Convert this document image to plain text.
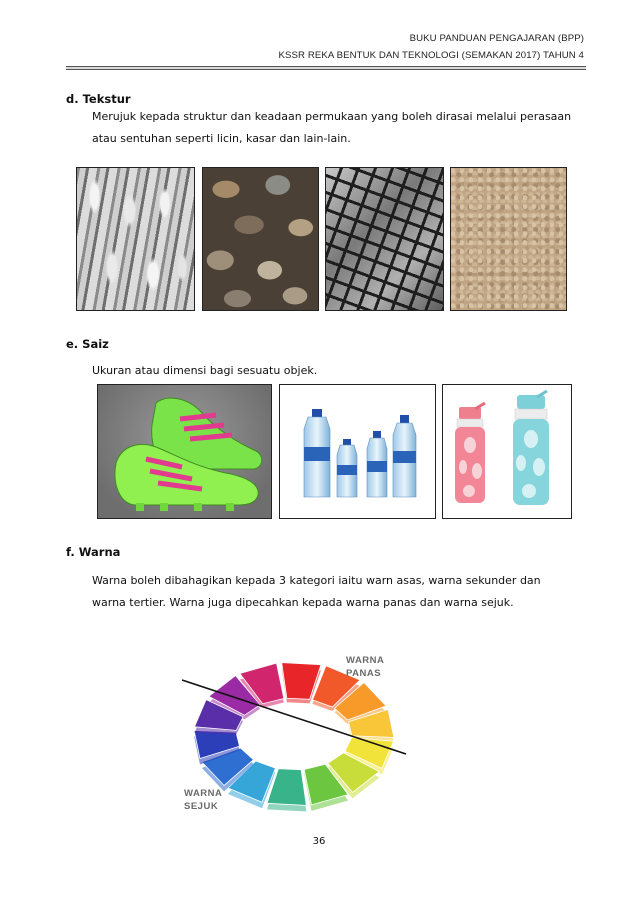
BUKU PANDUAN PENGAJARAN (BPP)
KSSR REKA BENTUK DAN TEKNOLOGI (SEMAKAN 2017) TAHUN 4
d. Tekstur
Merujuk kepada struktur dan keadaan permukaan yang boleh dirasai melalui perasaan
atau sentuhan seperti licin, kasar dan lain-lain.
e. Saiz
Ukuran atau dimensi bagi sesuatu objek.
f. Warna
Warna boleh dibahagikan kepada 3 kategori iaitu warn asas, warna sekunder dan
warna tertier. Warna juga dipecahkan kepada warna panas dan warna sejuk.
WARNA
PANAS
WARNA
SEJUK
36
